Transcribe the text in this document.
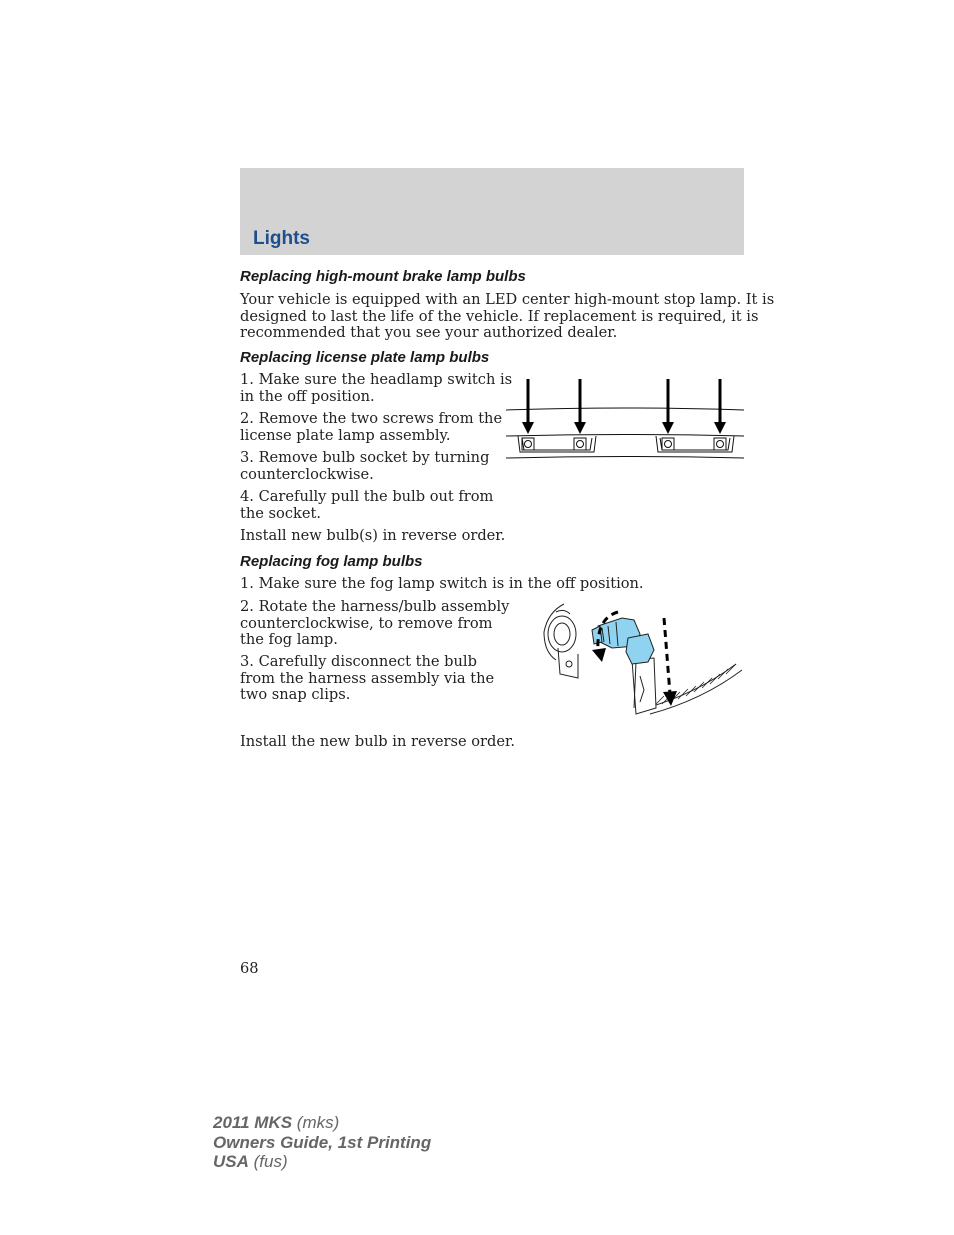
Lights
Replacing high-mount brake lamp bulbs
Your vehicle is equipped with an LED center high-mount stop lamp. It is
designed to last the life of the vehicle. If replacement is required, it is
recommended that you see your authorized dealer.
Replacing license plate lamp bulbs
1. Make sure the headlamp switch is
in the off position.
2. Remove the two screws from the
license plate lamp assembly.
3. Remove bulb socket by turning
counterclockwise.
4. Carefully pull the bulb out from
the socket.
Install new bulb(s) in reverse order.
Replacing fog lamp bulbs
1. Make sure the fog lamp switch is in the off position.
2. Rotate the harness/bulb assembly
counterclockwise, to remove from
the fog lamp.
3. Carefully disconnect the bulb
from the harness assembly via the
two snap clips.
Install the new bulb in reverse order.
68
2011 MKS (mks)
Owners Guide, 1st Printing
USA (fus)
